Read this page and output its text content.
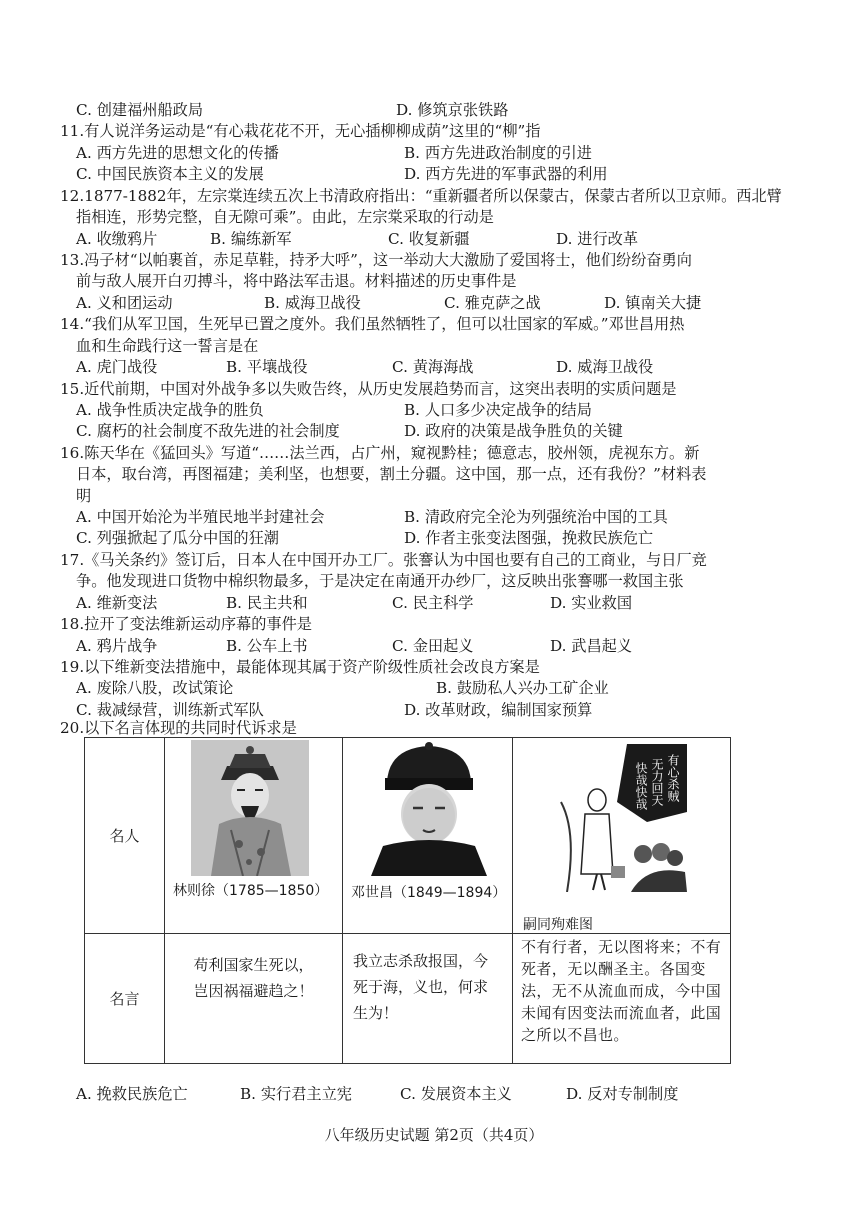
C. 创建福州船政局	D. 修筑京张铁路
11.有人说洋务运动是“有心栽花花不开，无心插柳柳成荫”这里的“柳”指
A. 西方先进的思想文化的传播	B. 西方先进政治制度的引进
C. 中国民族资本主义的发展	D. 西方先进的军事武器的利用
12.1877-1882年，左宗棠连续五次上书清政府指出：“重新疆者所以保蒙古，保蒙古者所以卫京师。西北臂
指相连，形势完整，自无隙可乘”。由此，左宗棠采取的行动是
A. 收缴鸦片	B. 编练新军	C. 收复新疆	D. 进行改革
13.冯子材“以帕裹首，赤足草鞋，持矛大呼”，这一举动大大激励了爱国将士，他们纷纷奋勇向
前与敌人展开白刃搏斗，将中路法军击退。材料描述的历史事件是
A. 义和团运动	B. 威海卫战役	C. 雅克萨之战	D. 镇南关大捷
14.“我们从军卫国，生死早已置之度外。我们虽然牺牲了，但可以壮国家的军威。”邓世昌用热
血和生命践行这一誓言是在
A. 虎门战役	B. 平壤战役	C. 黄海海战	D. 威海卫战役
15.近代前期，中国对外战争多以失败告终，从历史发展趋势而言，这突出表明的实质问题是
A. 战争性质决定战争的胜负	B. 人口多少决定战争的结局
C. 腐朽的社会制度不敌先进的社会制度	D. 政府的决策是战争胜负的关键
16.陈天华在《猛回头》写道“……法兰西，占广州，窥视黔桂；德意志，胶州领，虎视东方。新
日本，取台湾，再图福建；美利坚，也想要，割土分疆。这中国，那一点，还有我份？”材料表
明
A. 中国开始沦为半殖民地半封建社会	B. 清政府完全沦为列强统治中国的工具
C. 列强掀起了瓜分中国的狂潮	D. 作者主张变法图强，挽救民族危亡
17.《马关条约》签订后，日本人在中国开办工厂。张謇认为中国也要有自己的工商业，与日厂竞
争。他发现进口货物中棉织物最多，于是决定在南通开办纱厂，这反映出张謇哪一救国主张
A. 维新变法	B. 民主共和	C. 民主科学	D. 实业救国
18.拉开了变法维新运动序幕的事件是
A. 鸦片战争	B. 公车上书	C. 金田起义	D. 武昌起义
19.以下维新变法措施中，最能体现其属于资产阶级性质社会改良方案是
A. 废除八股，改试策论	B. 鼓励私人兴办工矿企业
C. 裁减绿营，训练新式军队	D. 改革财政，编制国家预算
20.以下名言体现的共同时代诉求是
名人	林则徐（1785—1850）	邓世昌（1849—1894）	有心杀贼
无力回天
快哉快哉
嗣同殉难图

名言	苟利国家生死以，
岂因祸福避趋之！	我立志杀敌报国，今
死于海，义也，何求
生为！	不有行者，无以图将来；不有死者，无以酬圣主。各国变法，无不从流血而成，今中国未闻有因变法而流血者，此国之所以不昌也。
A. 挽救民族危亡	B. 实行君主立宪	C. 发展资本主义	D. 反对专制制度
八年级历史试题 第2页（共4页）
